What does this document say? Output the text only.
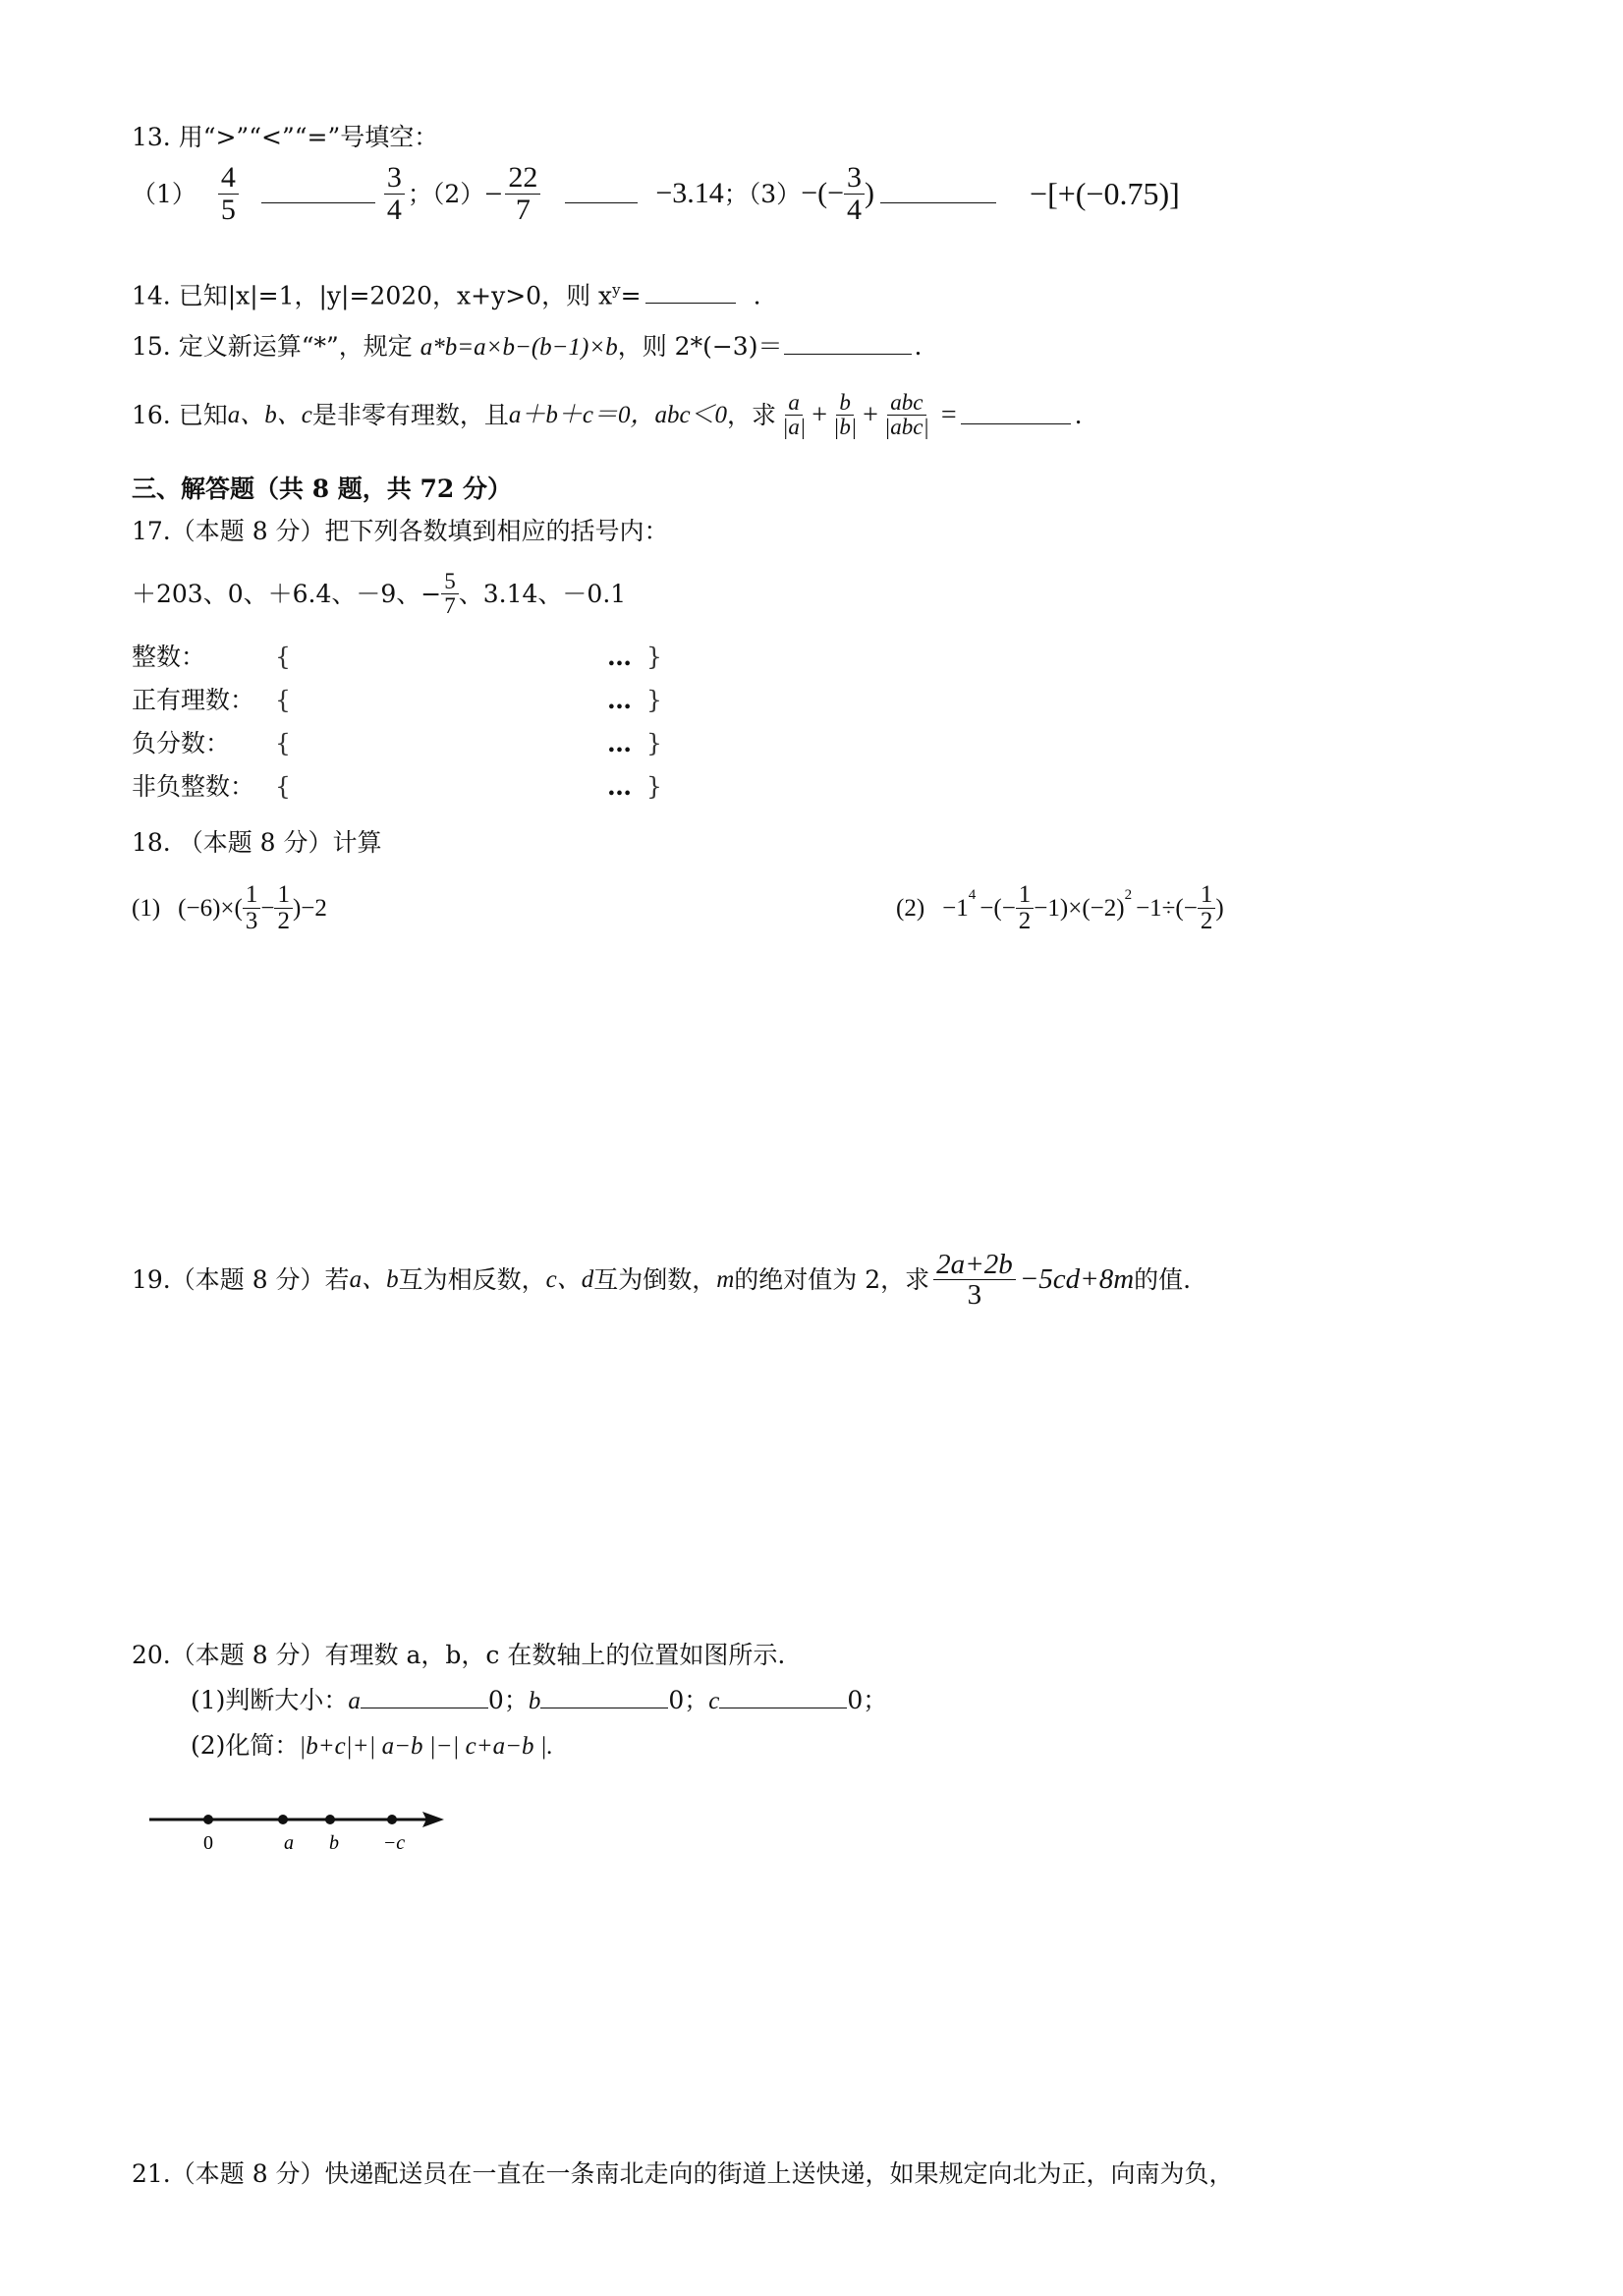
13. 用“>”“<”“=”号填空：
$(1) \frac{4}{5}$	$\frac{3}{4}$ ；$(2) - \frac{22}{7}$	−3.14 ；（3） −(− $\frac{3}{4}$ )	−[+(−0.75)]
14. 已知|x|=1，|y|=2020，x+y>0，则 $x^y=$	.
15. 定义新运算“*”，规定 a*b=a×b−(b−1)×b，则 2*(−3)＝	.
16. 已知 a、b、c 是非零有理数，且 a＋b＋c＝0，abc＜0 ，求 $\frac{a}{|a|} + \frac{b}{|b|} + \frac{\text{abc}}{\text{|abc|}}$ =	.
三、解答题（共 8 题，共 72 分）
17.（本题 8 分）把下列各数填到相应的括号内：
＋203、0、＋6.4、－9、− $\frac{5}{7}$ 、3.14、－0.1
整数：	{	… }
正有理数： {	… }
负分数： {	… }
非负整数： {	… }
18. （本题 8 分）计算
(1) $(-6)\times( \frac{1}{3} - \frac{1}{2} )-2$	(2) −1
$^4$
−(− $\frac{1}{2} -1)\times(-2)$
$^2$
$-1\div(- \frac{1}{2}$ )
19.（本题 8 分）若 a、b 互为相反数， c、d 互为倒数， m 的绝对值为 2，求 $\frac{2a+2b}{3} -5cd+8m$ 的值.
20.（本题 8 分）有理数 a，b，c 在数轴上的位置如图所示.
(1)判断大小：a	0；b	0；c	0；
(2)化简：|b+c|+| a−b |−| c+a−b |.
0	a b −c
21.（本题 8 分）快递配送员在一直在一条南北走向的街道上送快递，如果规定向北为正，向南为负，
